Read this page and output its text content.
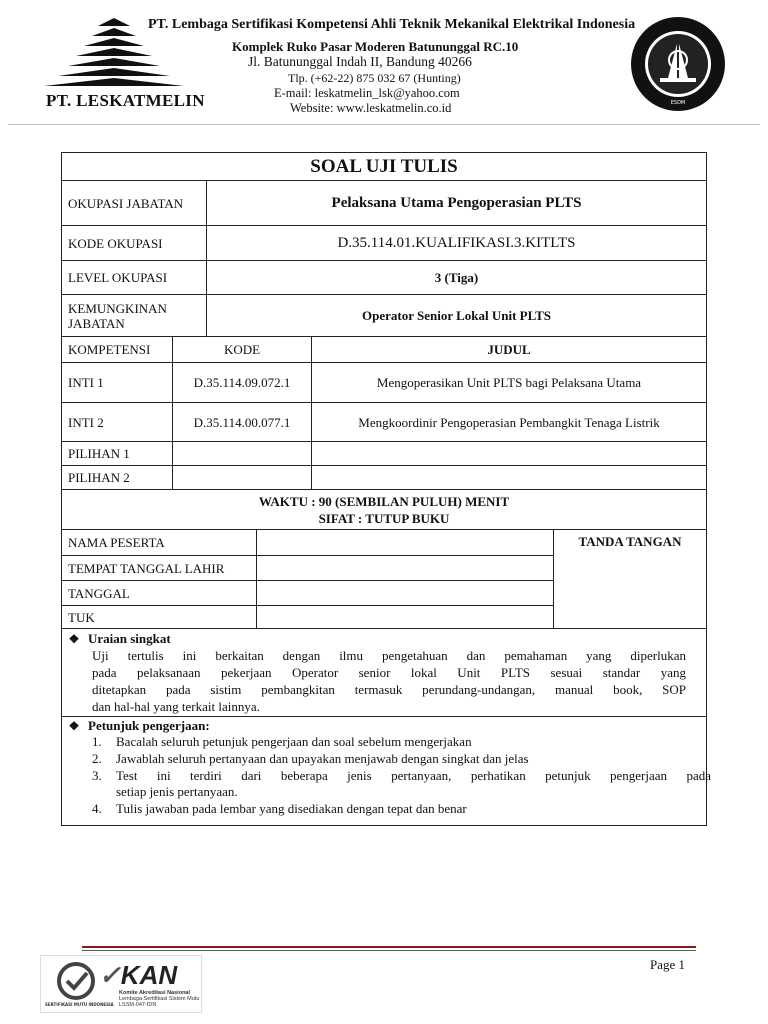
PT. Lembaga Sertifikasi Kompetensi Ahli Teknik Mekanikal Elektrikal Indonesia
Komplek Ruko Pasar Moderen Batununggal RC.10
Jl. Batununggal Indah II, Bandung 40266
Tlp. (+62-22) 875 032 67 (Hunting)
E-mail: leskatmelin_lsk@yahoo.com
Website: www.leskatmelin.co.id
PT. LESKATMELIN	ESDM
SOAL UJI TULIS
OKUPASI JABATAN	Pelaksana Utama Pengoperasian PLTS
KODE OKUPASI	D.35.114.01.KUALIFIKASI.3.KITLTS
LEVEL OKUPASI	3 (Tiga)
KEMUNGKINAN JABATAN	Operator Senior Lokal Unit PLTS
KOMPETENSI	KODE	JUDUL
INTI 1	D.35.114.09.072.1	Mengoperasikan Unit PLTS bagi Pelaksana Utama
INTI 2	D.35.114.00.077.1	Mengkoordinir Pengoperasian Pembangkit Tenaga Listrik
PILIHAN 1
PILIHAN 2
WAKTU : 90 (SEMBILAN PULUH) MENIT
SIFAT : TUTUP BUKU
NAMA PESERTA
TEMPAT TANGGAL LAHIR
TANGGAL
TUK
TANDA TANGAN
❖ Uraian singkat
Uji tertulis ini berkaitan dengan ilmu pengetahuan dan pemahaman yang diperlukan
pada pelaksanaan pekerjaan Operator senior lokal Unit PLTS sesuai standar yang
ditetapkan pada sistim pembangkitan termasuk perundang-undangan, manual book, SOP
dan hal-hal yang terkait lainnya.
❖ Petunjuk pengerjaan:
1. Bacalah seluruh petunjuk pengerjaan dan soal sebelum mengerjakan
2. Jawablah seluruh pertanyaan dan upayakan menjawab dengan singkat dan jelas
3. Test ini terdiri dari beberapa jenis pertanyaan, perhatikan petunjuk pengerjaan pada
setiap jenis pertanyaan.
4. Tulis jawaban pada lembar yang disediakan dengan tepat dan benar
Page 1
SERTIFIKASI MUTU INDONESIA
✓KAN
Komite Akreditasi Nasional
Lembaga Sertifikasi Sistem Mutu
LSSM-047-IDN
